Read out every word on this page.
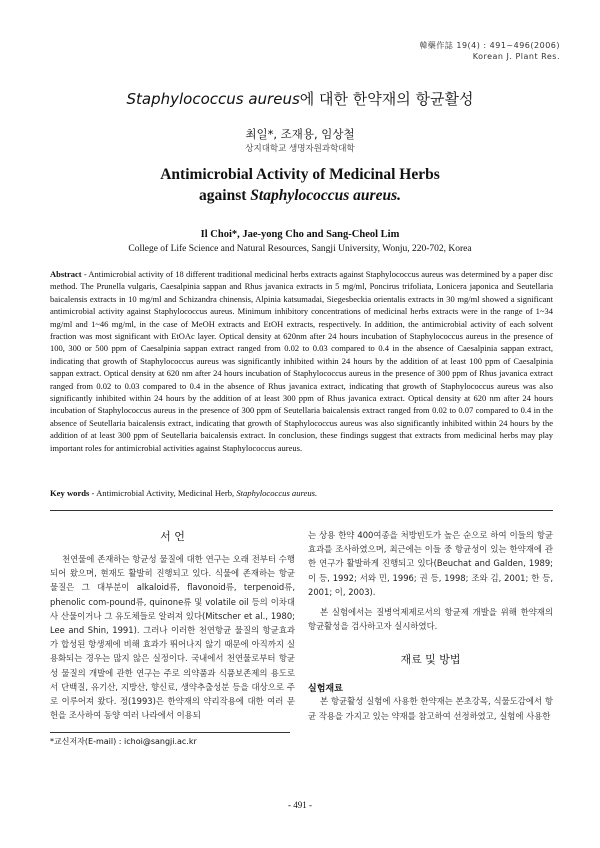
韓藥作誌 19(4) : 491~496(2006)
Korean J. Plant Res.
Staphylococcus aureus에 대한 한약재의 항균활성
최일*, 조재용, 임상철
상지대학교 생명자원과학대학
Antimicrobial Activity of Medicinal Herbs
against Staphylococcus aureus.
Il Choi*, Jae-yong Cho and Sang-Cheol Lim
College of Life Science and Natural Resources, Sangji University, Wonju, 220-702, Korea
Abstract - Antimicrobial activity of 18 different traditional medicinal herbs extracts against Staphylococcus aureus was determined by a paper disc method. The Prunella vulgaris, Caesalpinia sappan and Rhus javanica extracts in 5 mg/ml, Poncirus trifoliata, Lonicera japonica and Seutellaria baicalensis extracts in 10 mg/ml and Schizandra chinensis, Alpinia katsumadai, Siegesbeckia orientalis extracts in 30 mg/ml showed a significant antimicrobial activity against Staphylococcus aureus. Minimum inhibitory concentrations of medicinal herbs extracts were in the range of 1~34 mg/ml and 1~46 mg/ml, in the case of MeOH extracts and EtOH extracts, respectively. In addition, the antimicrobial activity of each solvent fraction was most significant with EtOAc layer. Optical density at 620nm after 24 hours incubation of Staphylococcus aureus in the presence of 100, 300 or 500 ppm of Caesalpinia sappan extract ranged from 0.02 to 0.03 compared to 0.4 in the absence of Caesalpinia sappan extract, indicating that growth of Staphylococcus aureus was significantly inhibited within 24 hours by the addition of at least 100 ppm of Caesalpinia sappan extract. Optical density at 620 nm after 24 hours incubation of Staphylococcus aureus in the presence of 300 ppm of Rhus javanica extract ranged from 0.02 to 0.03 compared to 0.4 in the absence of Rhus javanica extract, indicating that growth of Staphylococcus aureus was also significantly inhibited within 24 hours by the addition of at least 300 ppm of Rhus javanica extract. Optical density at 620 nm after 24 hours incubation of Staphylococcus aureus in the presence of 300 ppm of Seutellaria baicalensis extract ranged from 0.02 to 0.07 compared to 0.4 in the absence of Seutellaria baicalensis extract, indicating that growth of Staphylococcus aureus was also significantly inhibited within 24 hours by the addition of at least 300 ppm of Seutellaria baicalensis extract. In conclusion, these findings suggest that extracts from medicinal herbs may play important roles for antimicrobial activities against Staphylococcus aureus.
Key words - Antimicrobial Activity, Medicinal Herb, Staphylococcus aureus.
서 언

천연물에 존재하는 항균성 물질에 대한 연구는 오래 전부터 수행되어 왔으며, 현재도 활발히 진행되고 있다. 식물에 존재하는 항균물질은 그 대부분이 alkaloid류, flavonoid류, terpenoid류, phenolic com-pound류, quinone류 및 volatile oil 등의 이차대사 산물이거나 그 유도체들로 알려져 있다(Mitscher et al., 1980; Lee and Shin, 1991). 그러나 이러한 천연항균 물질의 항균효과가 합성된 항생제에 비해 효과가 뛰어나지 않기 때문에 아직까지 실용화되는 경우는 많지 않은 실정이다. 국내에서 천연물로부터 항균성 물질의 개발에 관한 연구는 주로 의약품과 식품보존제의 용도로서 단백질, 유기산, 지방산, 향신료, 생약추출성분 등을 대상으로 주로 이루어져 왔다. 정(1993)은 한약재의 약리작용에 대한 여러 문헌을 조사하여 동양 여러 나라에서 이용되

*교신저자(E-mail) : ichoi@sangji.ac.kr

는 상용 한약 400여종을 처방빈도가 높은 순으로 하여 이들의 항균효과를 조사하였으며, 최근에는 이들 중 항균성이 있는 한약재에 관한 연구가 활발하게 진행되고 있다(Beuchat and Galden, 1989; 이 등, 1992; 서와 민, 1996; 권 등, 1998; 조와 김, 2001; 한 등, 2001; 이, 2003).

본 실험에서는 질병억제제로서의 항균제 개발을 위해 한약재의 항균활성을 검사하고자 실시하였다.

재료 및 방법
실험재료

본 항균활성 실험에 사용한 한약재는 본초강목, 식물도감에서 항균 작용을 가지고 있는 약재를 참고하여 선정하였고, 실험에 사용한

- 491 -
